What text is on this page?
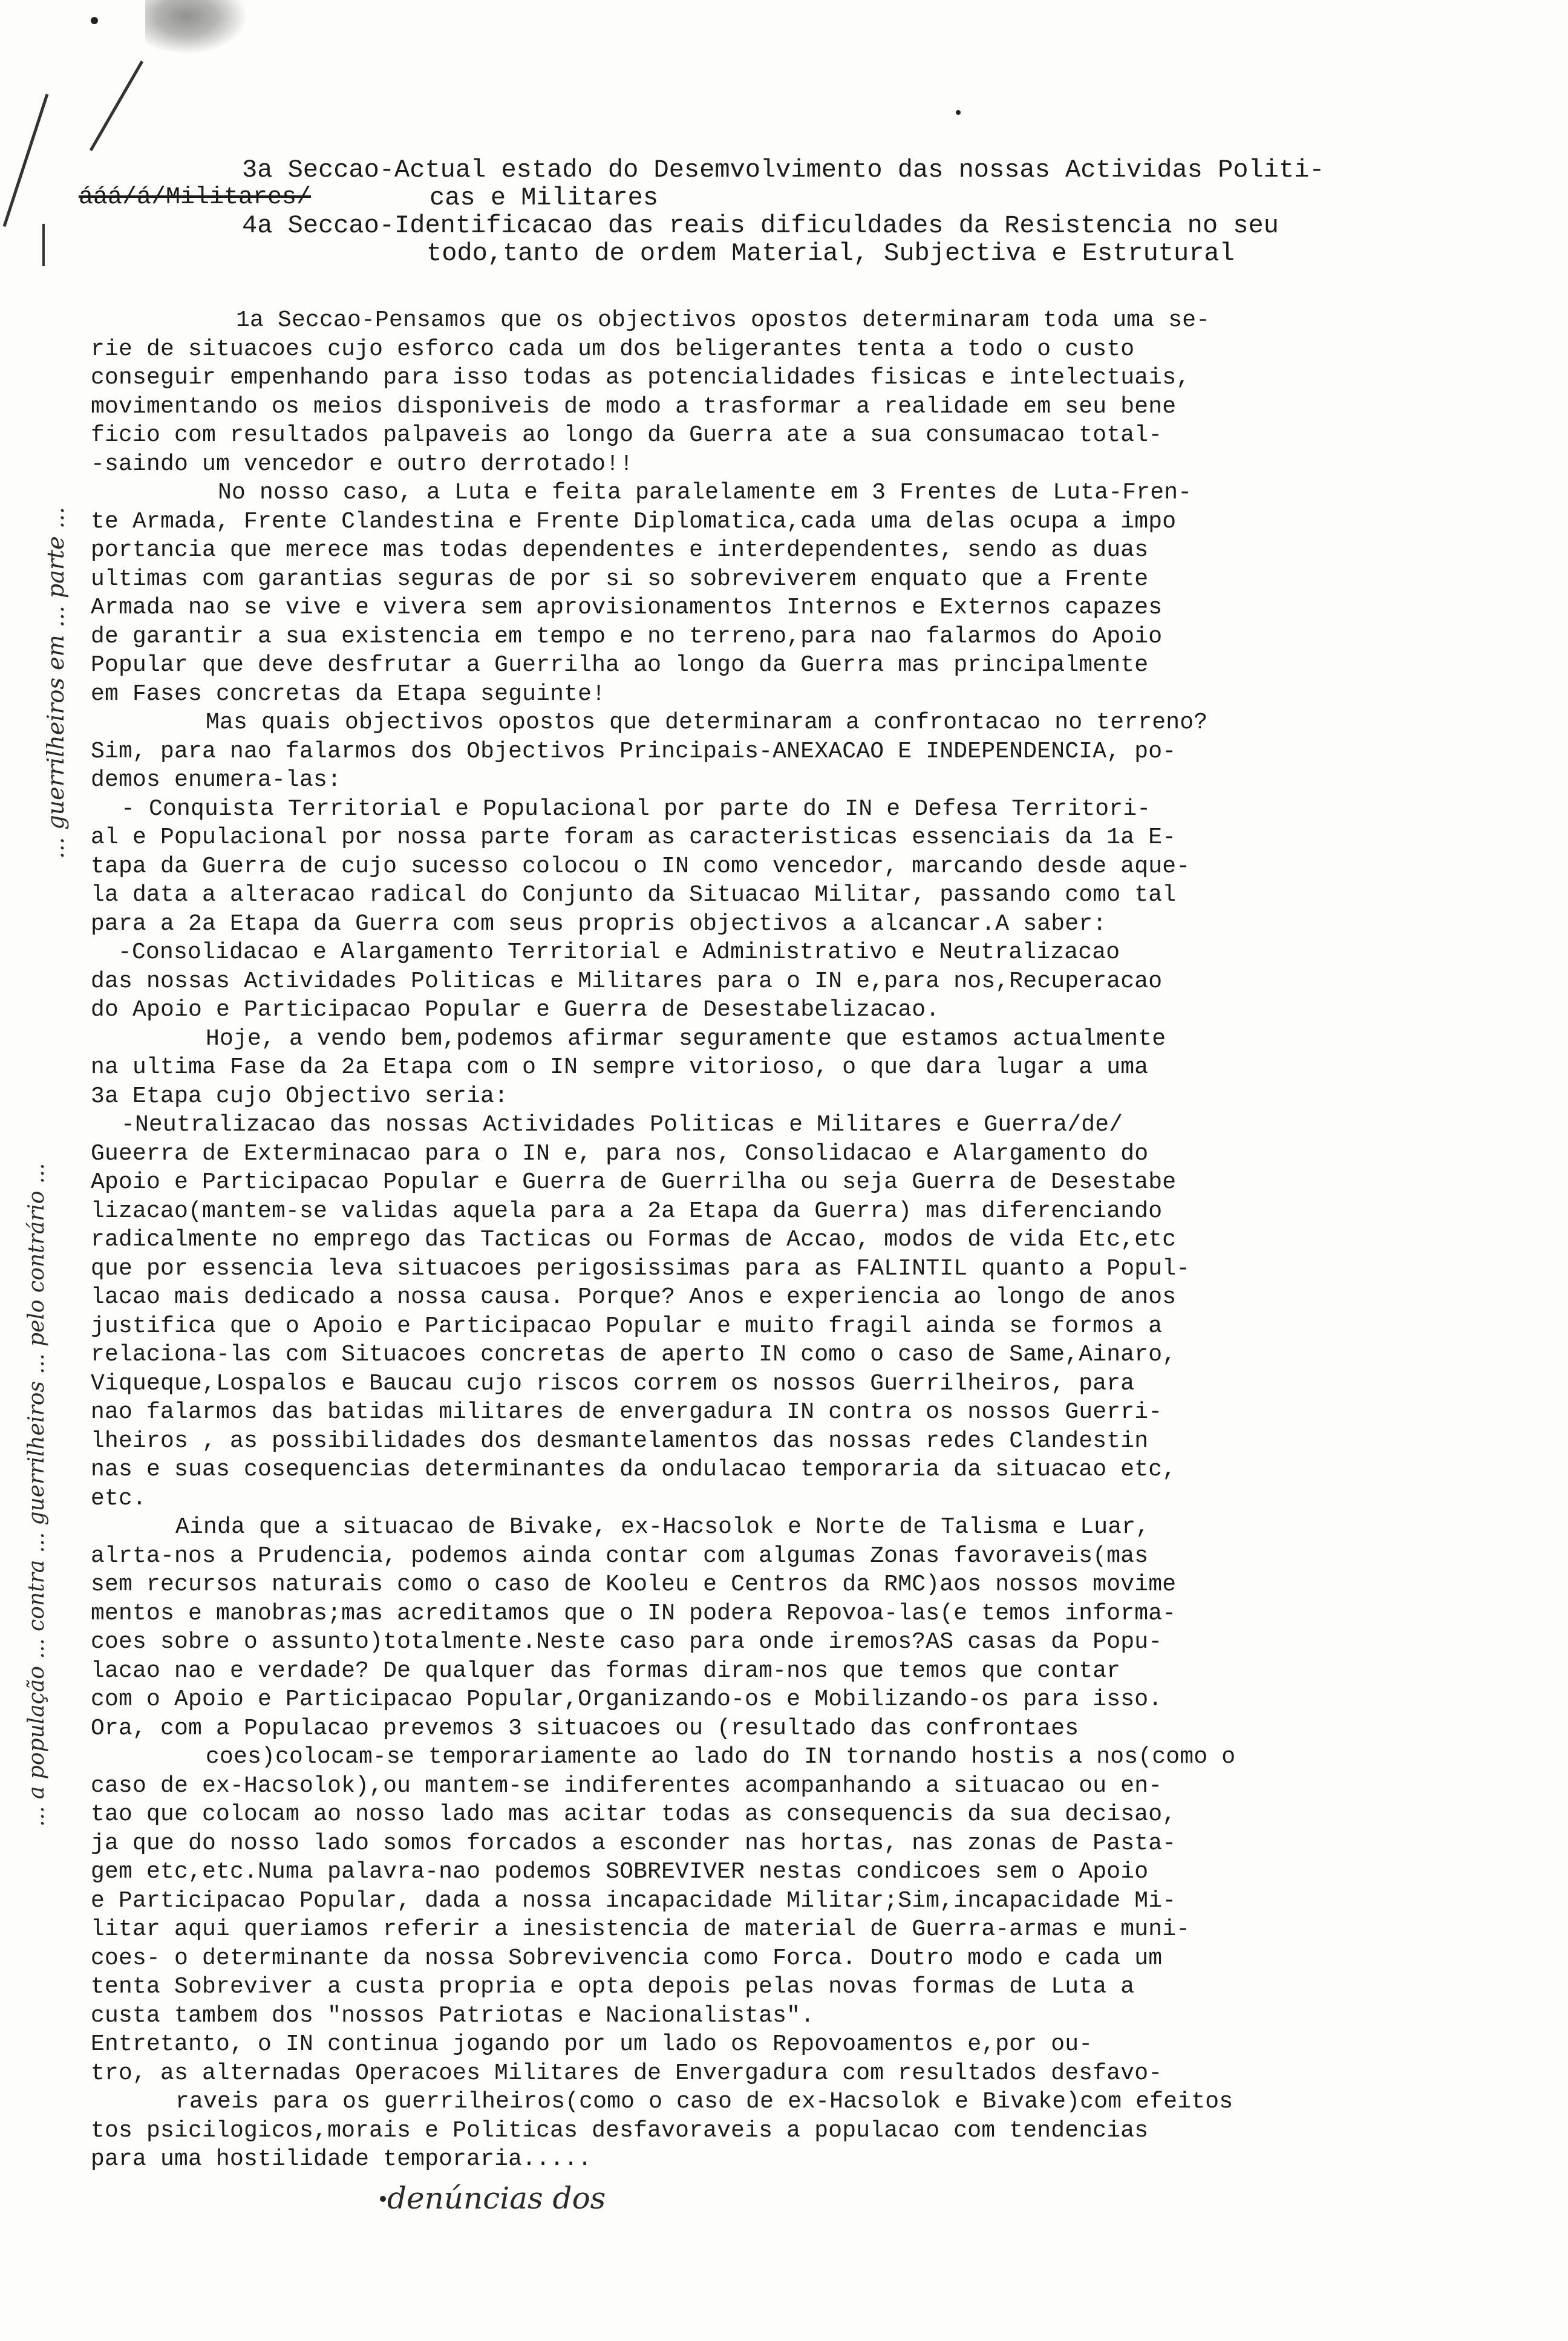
3a Seccao-Actual estado do Desemvolvimento das nossas Actividas Politi-
ááá/á/Militares/	cas e Militares
4a Seccao-Identificacao das reais dificuldades da Resistencia no seu
todo,tanto de ordem Material, Subjectiva e Estrutural
1a Seccao-Pensamos que os objectivos opostos determinaram toda uma se-
rie de situacoes cujo esforco cada um dos beligerantes tenta a todo o custo
conseguir empenhando para isso todas as potencialidades fisicas e intelectuais,
movimentando os meios disponiveis de modo a trasformar a realidade em seu bene
ficio com resultados palpaveis ao longo da Guerra ate a sua consumacao total-
-saindo um vencedor e outro derrotado!!
No nosso caso, a Luta e feita paralelamente em 3 Frentes de Luta-Fren-
te Armada, Frente Clandestina e Frente Diplomatica,cada uma delas ocupa a impo
portancia que merece mas todas dependentes e interdependentes, sendo as duas
ultimas com garantias seguras de por si so sobreviverem enquato que a Frente
Armada nao se vive e vivera sem aprovisionamentos Internos e Externos capazes
de garantir a sua existencia em tempo e no terreno,para nao falarmos do Apoio
Popular que deve desfrutar a Guerrilha ao longo da Guerra mas principalmente
em Fases concretas da Etapa seguinte!
Mas quais objectivos opostos que determinaram a confrontacao no terreno?
Sim, para nao falarmos dos Objectivos Principais-ANEXACAO E INDEPENDENCIA, po-
demos enumera-las:
- Conquista Territorial e Populacional por parte do IN e Defesa Territori-
al e Populacional por nossa parte foram as caracteristicas essenciais da 1a E-
tapa da Guerra de cujo sucesso colocou o IN como vencedor, marcando desde aque-
la data a alteracao radical do Conjunto da Situacao Militar, passando como tal
para a 2a Etapa da Guerra com seus propris objectivos a alcancar.A saber:
-Consolidacao e Alargamento Territorial e Administrativo e Neutralizacao
das nossas Actividades Politicas e Militares para o IN e,para nos,Recuperacao
do Apoio e Participacao Popular e Guerra de Desestabelizacao.
Hoje, a vendo bem,podemos afirmar seguramente que estamos actualmente
na ultima Fase da 2a Etapa com o IN sempre vitorioso, o que dara lugar a uma
3a Etapa cujo Objectivo seria:
-Neutralizacao das nossas Actividades Politicas e Militares e Guerra/de/
Gueerra de Exterminacao para o IN e, para nos, Consolidacao e Alargamento do
Apoio e Participacao Popular e Guerra de Guerrilha ou seja Guerra de Desestabe
lizacao(mantem-se validas aquela para a 2a Etapa da Guerra) mas diferenciando
radicalmente no emprego das Tacticas ou Formas de Accao, modos de vida Etc,etc
que por essencia leva situacoes perigosissimas para as FALINTIL quanto a Popul-
lacao mais dedicado a nossa causa. Porque? Anos e experiencia ao longo de anos
justifica que o Apoio e Participacao Popular e muito fragil ainda se formos a
relaciona-las com Situacoes concretas de aperto IN como o caso de Same,Ainaro,
Viqueque,Lospalos e Baucau cujo riscos correm os nossos Guerrilheiros, para
nao falarmos das batidas militares de envergadura IN contra os nossos Guerri-
lheiros , as possibilidades dos desmantelamentos das nossas redes Clandestin
nas e suas cosequencias determinantes da ondulacao temporaria da situacao etc,
etc.
Ainda que a situacao de Bivake, ex-Hacsolok e Norte de Talisma e Luar,
alrta-nos a Prudencia, podemos ainda contar com algumas Zonas favoraveis(mas
sem recursos naturais como o caso de Kooleu e Centros da RMC)aos nossos movime
mentos e manobras;mas acreditamos que o IN podera Repovoa-las(e temos informa-
coes sobre o assunto)totalmente.Neste caso para onde iremos?AS casas da Popu-
lacao nao e verdade? De qualquer das formas diram-nos que temos que contar
com o Apoio e Participacao Popular,Organizando-os e Mobilizando-os para isso.
Ora, com a Populacao prevemos 3 situacoes ou (resultado das confrontaes
coes)colocam-se temporariamente ao lado do IN tornando hostis a nos(como o
caso de ex-Hacsolok),ou mantem-se indiferentes acompanhando a situacao ou en-
tao que colocam ao nosso lado mas acitar todas as consequencis da sua decisao,
ja que do nosso lado somos forcados a esconder nas hortas, nas zonas de Pasta-
gem etc,etc.Numa palavra-nao podemos SOBREVIVER nestas condicoes sem o Apoio
e Participacao Popular, dada a nossa incapacidade Militar;Sim,incapacidade Mi-
litar aqui queriamos referir a inesistencia de material de Guerra-armas e muni-
coes- o determinante da nossa Sobrevivencia como Forca. Doutro modo e cada um
tenta Sobreviver a custa propria e opta depois pelas novas formas de Luta a
custa tambem dos "nossos Patriotas e Nacionalistas".
Entretanto, o IN continua jogando por um lado os Repovoamentos e,por ou-
tro, as alternadas Operacoes Militares de Envergadura com resultados desfavo-
raveis para os guerrilheiros(como o caso de ex-Hacsolok e Bivake)com efeitos
tos psicilogicos,morais e Politicas desfavoraveis a populacao com tendencias
para uma hostilidade temporaria.....
... guerrilheiros em ... parte ...
... a população ... contra ... guerrilheiros ... pelo contrário ...
denúncias dos
